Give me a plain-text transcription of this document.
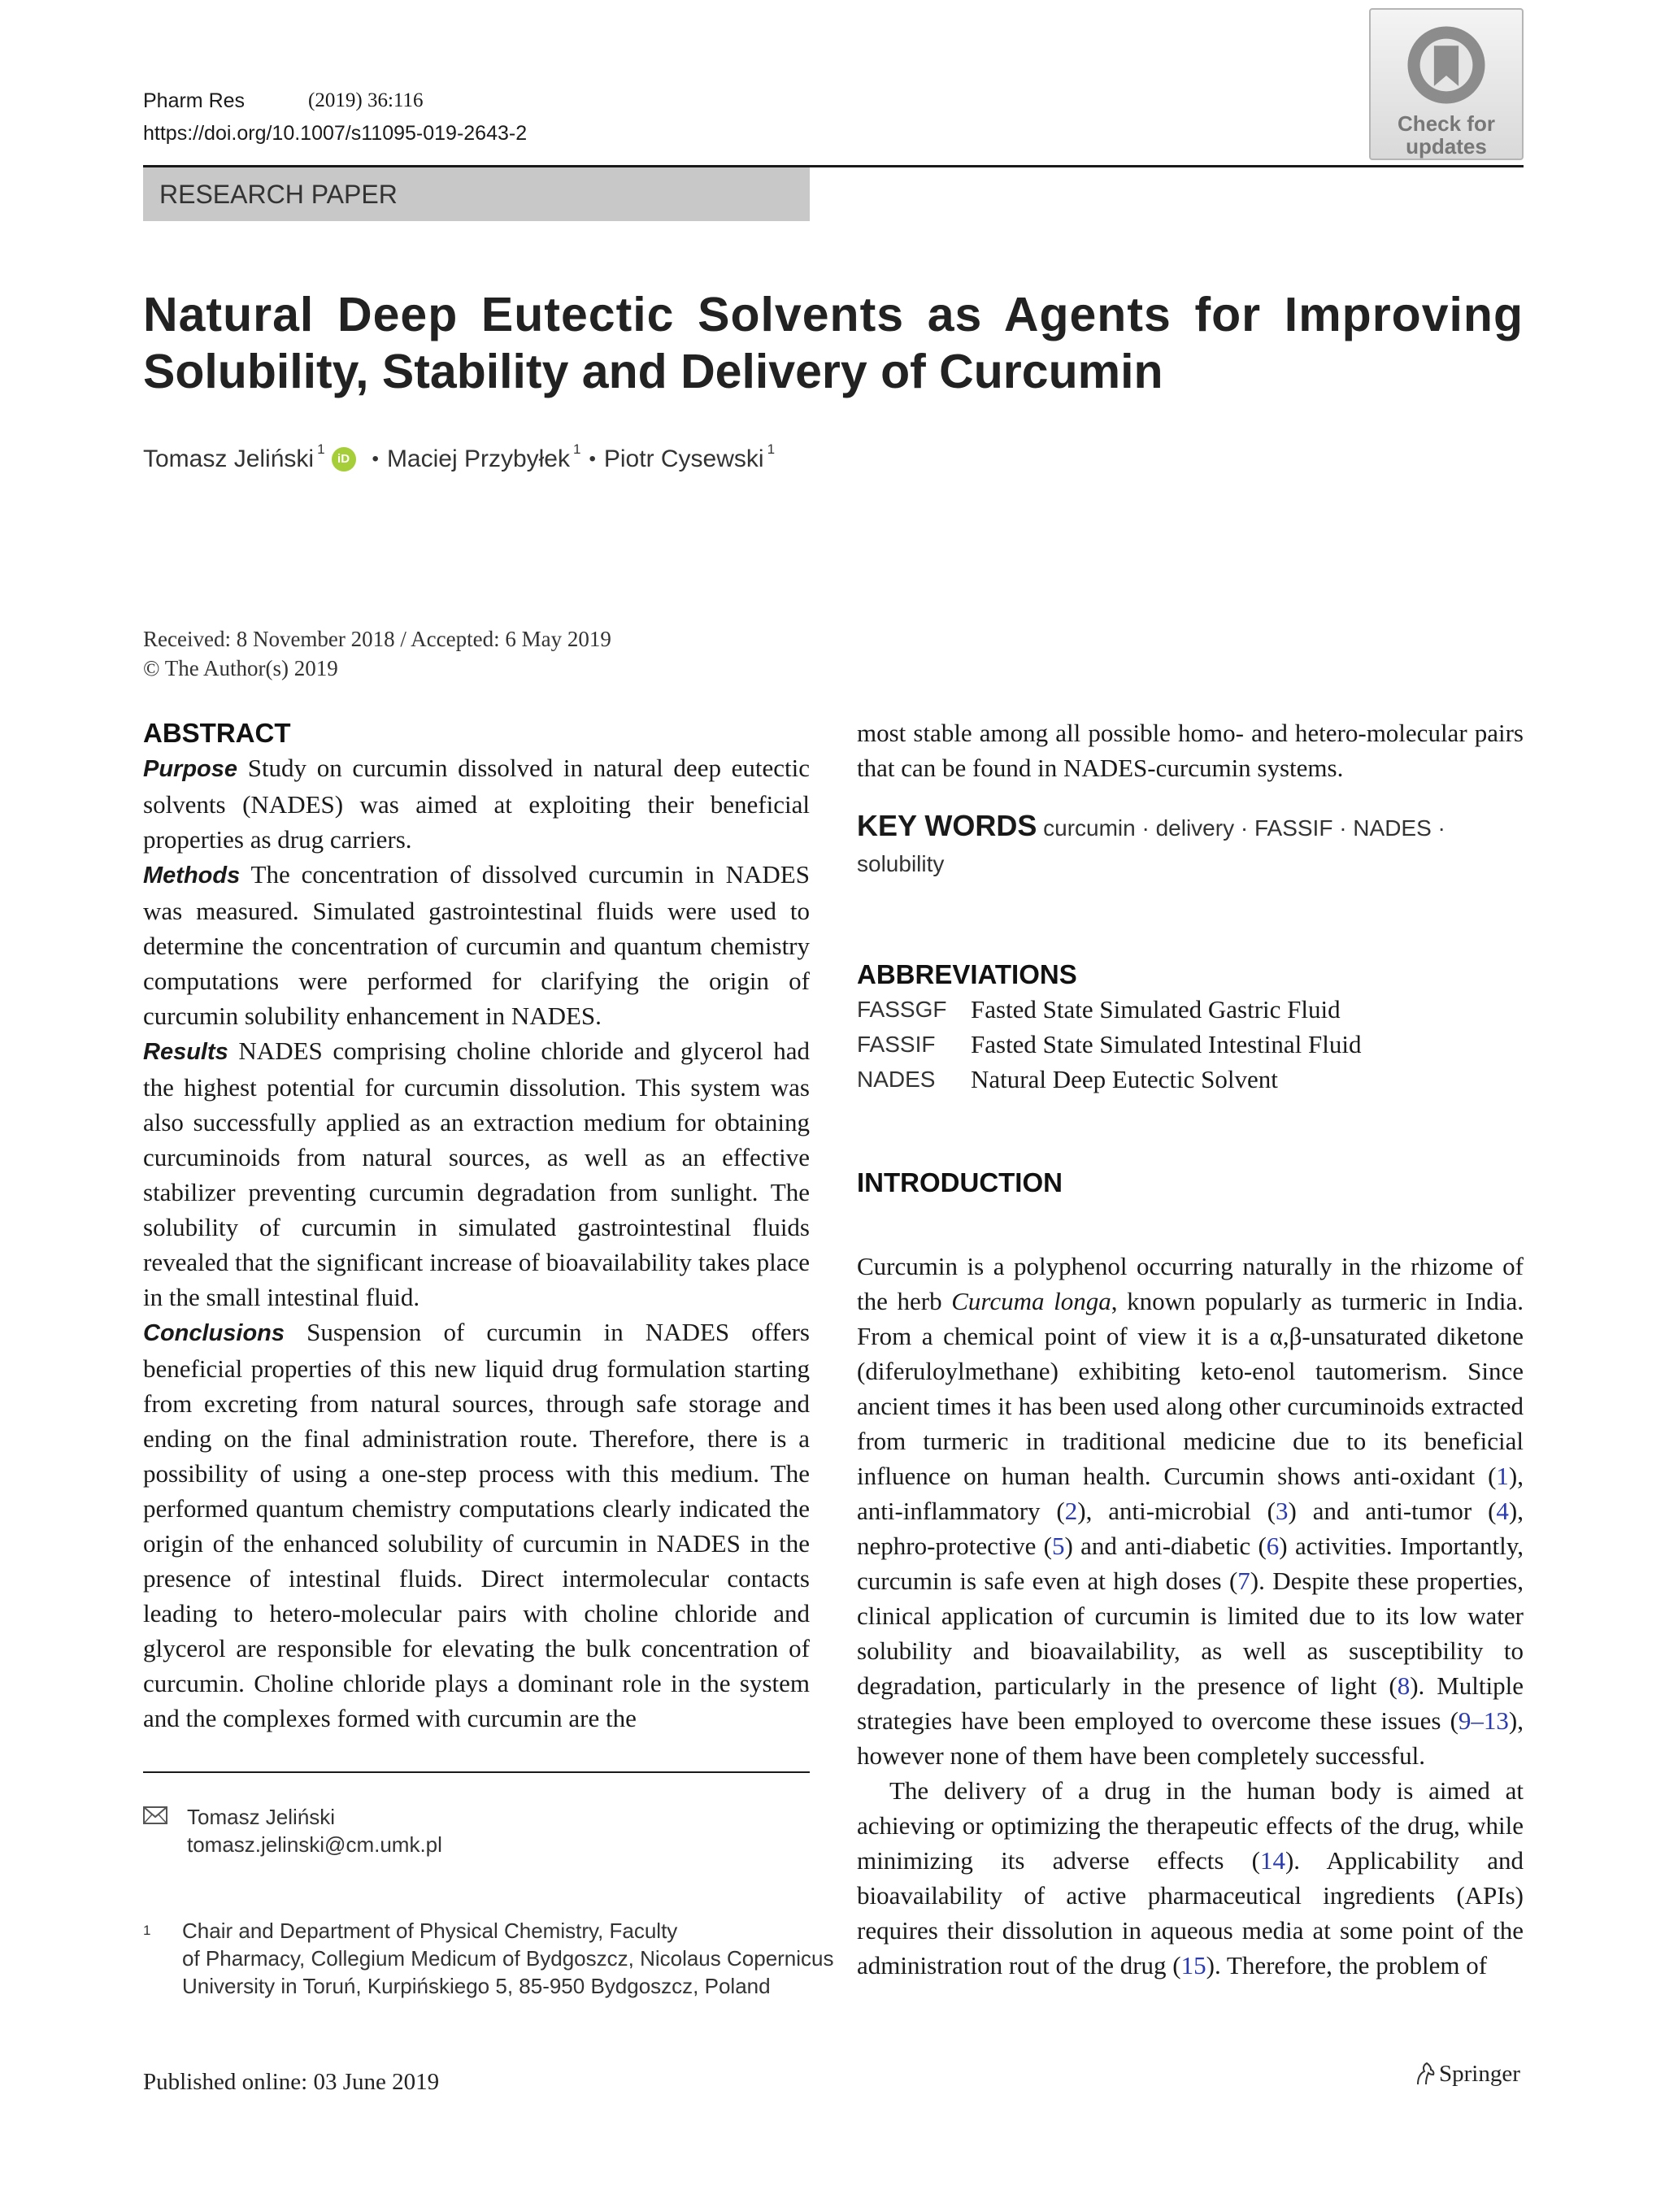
Pharm Res	(2019) 36:116
https://doi.org/10.1007/s11095-019-2643-2
RESEARCH PAPER
Check for updates
Natural Deep Eutectic Solvents as Agents for Improving
Solubility, Stability and Delivery of Curcumin
Tomasz Jeliński$^1$
iD	• Maciej Przybyłek$^1$ • Piotr Cysewski$^1$
Received: 8 November 2018 / Accepted: 6 May 2019
© The Author(s) 2019
ABSTRACT

Purpose Study on curcumin dissolved in natural deep eutectic solvents (NADES) was aimed at exploiting their beneficial properties as drug carriers.

Methods The concentration of dissolved curcumin in NADES was measured. Simulated gastrointestinal fluids were used to determine the concentration of curcumin and quantum chemistry computations were performed for clarifying the origin of curcumin solubility enhancement in NADES.

Results NADES comprising choline chloride and glycerol had the highest potential for curcumin dissolution. This system was also successfully applied as an extraction medium for obtaining curcuminoids from natural sources, as well as an effective stabilizer preventing curcumin degradation from sunlight. The solubility of curcumin in simulated gastrointestinal fluids revealed that the significant increase of bioavailability takes place in the small intestinal fluid.

Conclusions Suspension of curcumin in NADES offers beneficial properties of this new liquid drug formulation starting from excreting from natural sources, through safe storage and ending on the final administration route. Therefore, there is a possibility of using a one-step process with this medium. The performed quantum chemistry computations clearly indicated the origin of the enhanced solubility of curcumin in NADES in the presence of intestinal fluids. Direct intermolecular contacts leading to hetero-molecular pairs with choline chloride and glycerol are responsible for elevating the bulk concentration of curcumin. Choline chloride plays a dominant role in the system and the complexes formed with curcumin are the

most stable among all possible homo- and hetero-molecular pairs that can be found in NADES-curcumin systems.

KEY WORDS curcumin · delivery · FASSIF · NADES · solubility
ABBREVIATIONS
FASSGF Fasted State Simulated Gastric Fluid
FASSIF	Fasted State Simulated Intestinal Fluid
NADES	Natural Deep Eutectic Solvent
INTRODUCTION

Curcumin is a polyphenol occurring naturally in the rhizome of the herb Curcuma longa, known popularly as turmeric in India. From a chemical point of view it is a α,β-unsaturated diketone (diferuloylmethane) exhibiting keto-enol tautomerism. Since ancient times it has been used along other curcuminoids extracted from turmeric in traditional medicine due to its beneficial influence on human health. Curcumin shows anti-oxidant (1), anti-inflammatory (2), anti-microbial (3) and anti-tumor (4), nephro-protective (5) and anti-diabetic (6) activities. Importantly, curcumin is safe even at high doses (7). Despite these properties, clinical application of curcumin is limited due to its low water solubility and bioavailability, as well as susceptibility to degradation, particularly in the presence of light (8). Multiple strategies have been employed to overcome these issues (9–13), however none of them have been completely successful.

The delivery of a drug in the human body is aimed at achieving or optimizing the therapeutic effects of the drug, while minimizing its adverse effects (14). Applicability and bioavailability of active pharmaceutical ingredients (APIs) requires their dissolution in aqueous media at some point of the administration rout of the drug (15). Therefore, the problem of

Tomasz Jeliński
tomasz.jelinski@cm.umk.pl
1	Chair and Department of Physical Chemistry, Faculty
of Pharmacy, Collegium Medicum of Bydgoszcz, Nicolaus Copernicus
University in Toruń, Kurpińskiego 5, 85-950 Bydgoszcz, Poland
Published online: 03 June 2019	Springer
